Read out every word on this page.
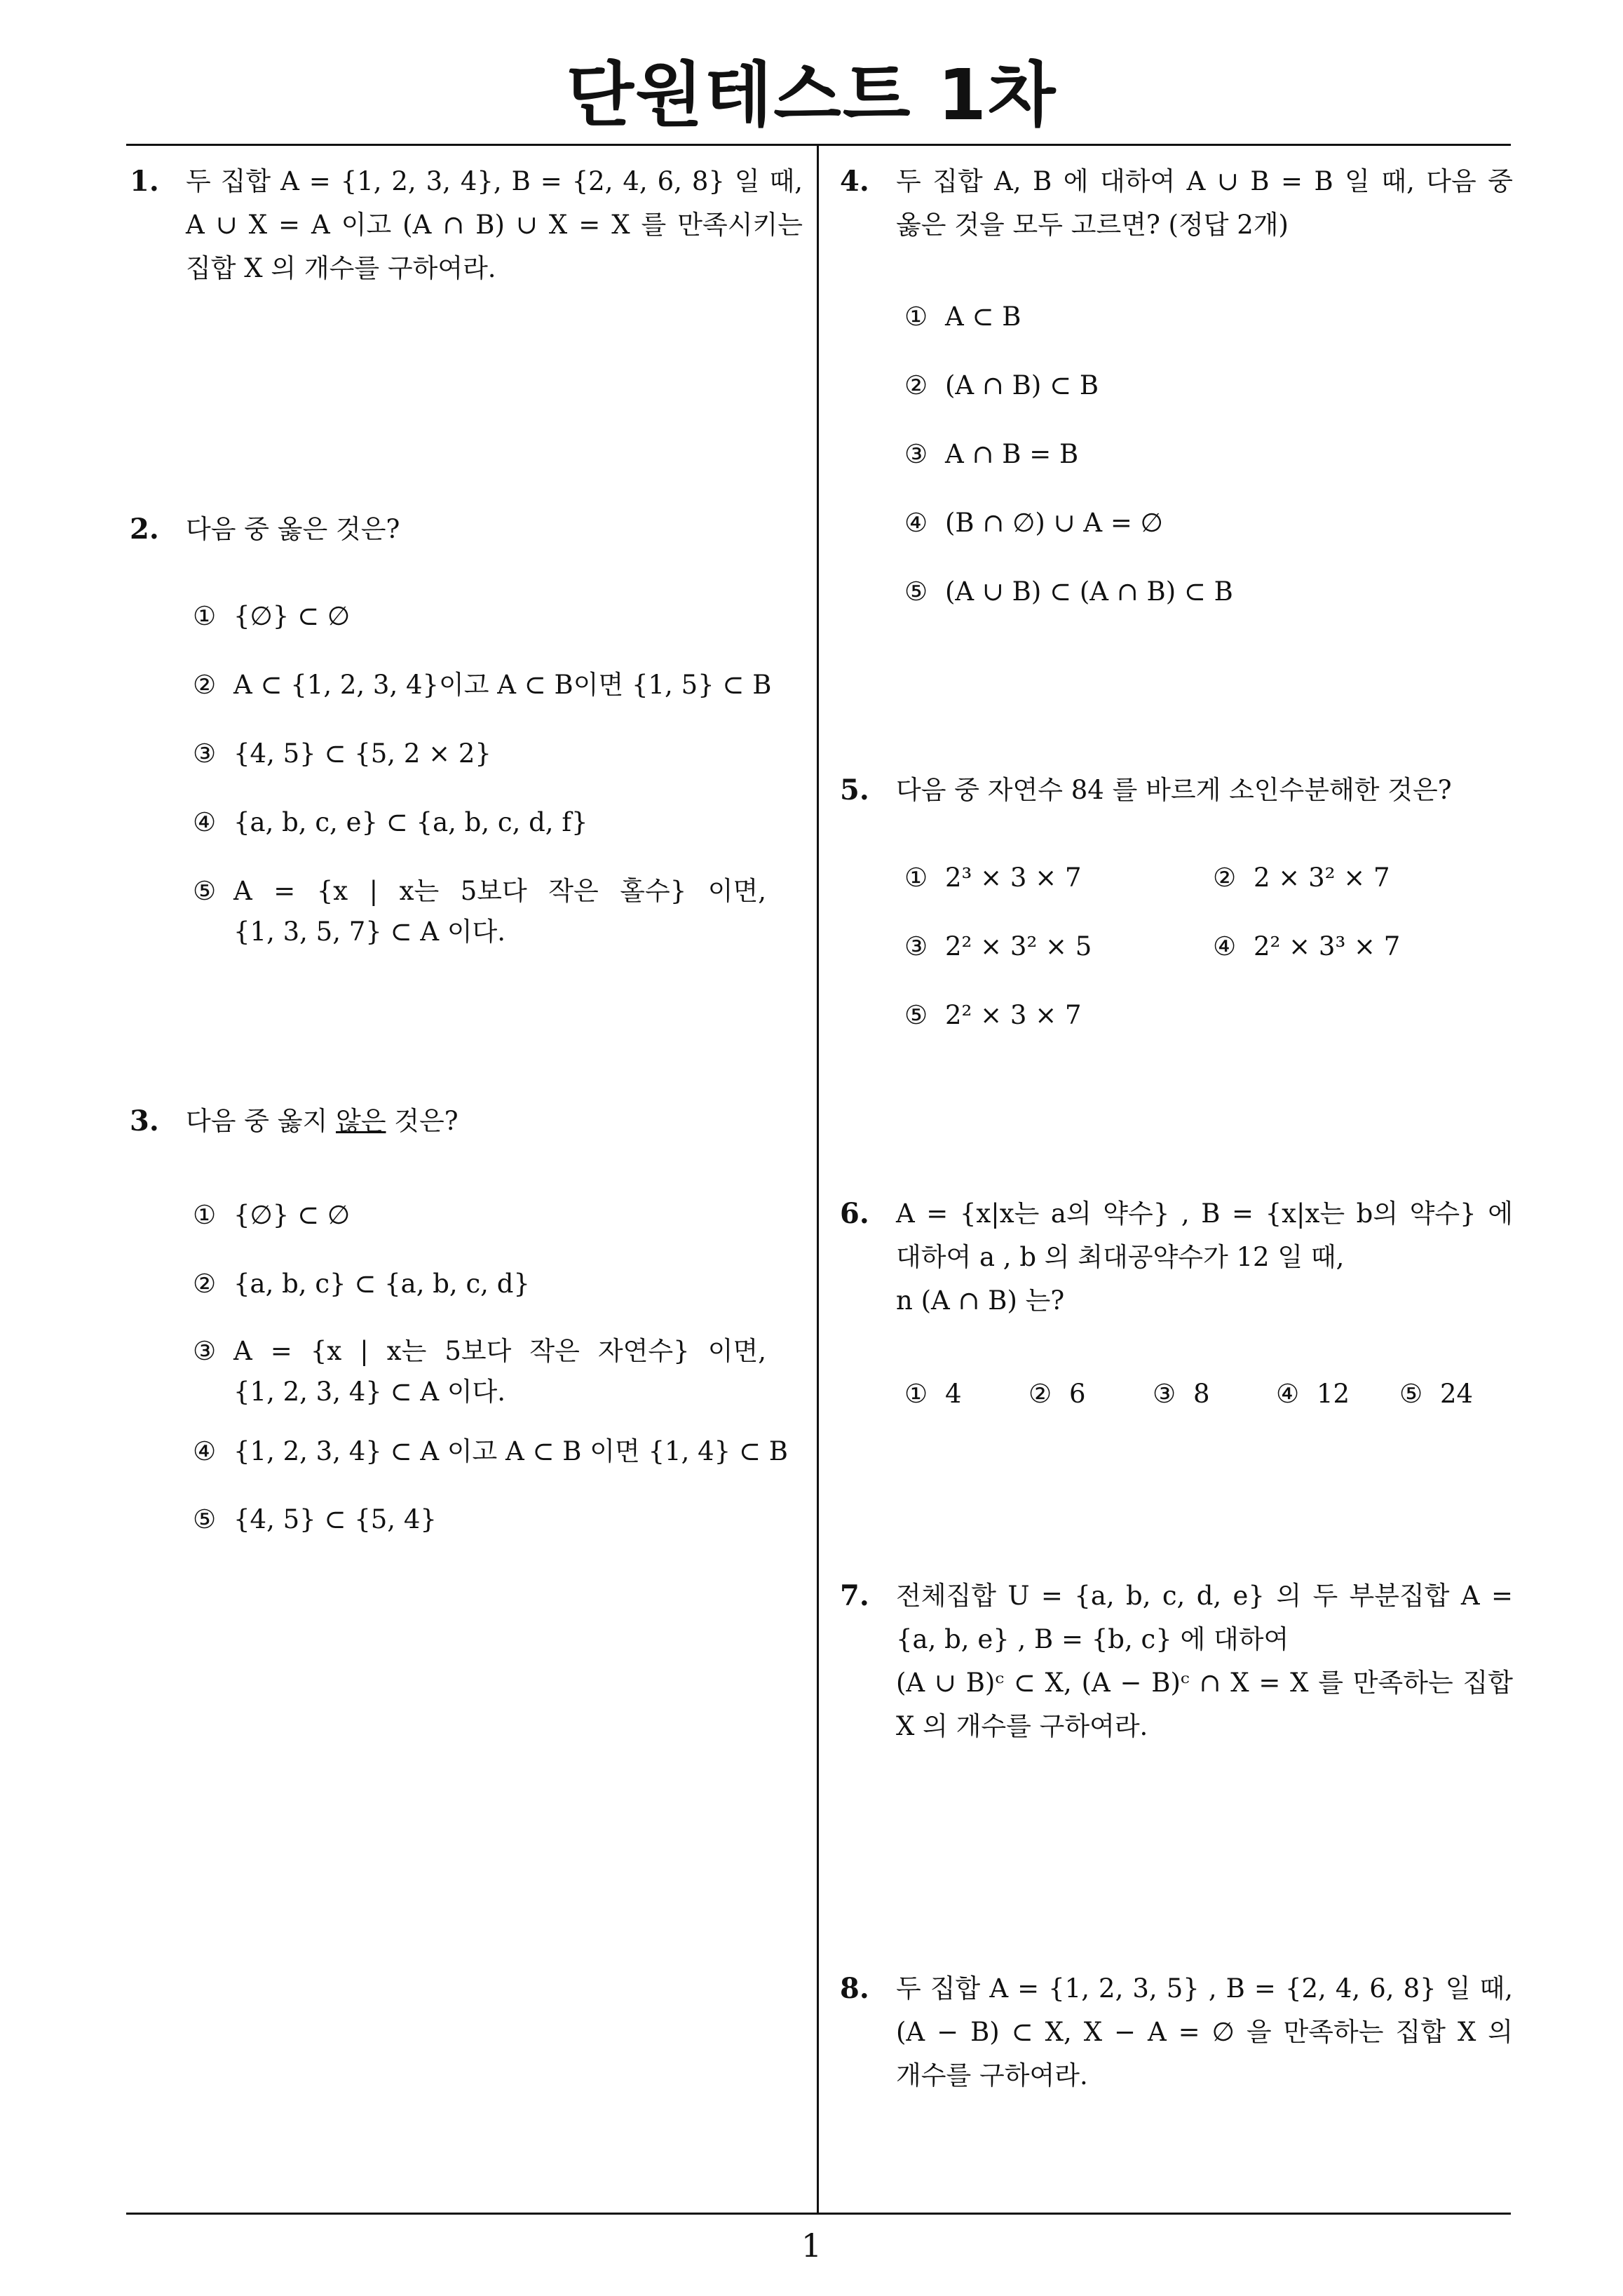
단원테스트 1차
1
1. 두 집합 A = {1, 2, 3, 4}, B = {2, 4, 6, 8} 일 때,
A ∪ X = A 이고 (A ∩ B) ∪ X = X 를 만족시키는
집합 X 의 개수를 구하여라.
2. 다음 중 옳은 것은?
① {∅} ⊂ ∅
② A ⊂ {1, 2, 3, 4}이고 A ⊂ B이면 {1, 5} ⊂ B
③ {4, 5} ⊂ {5, 2 × 2}
④ {a, b, c, e} ⊂ {a, b, c, d, f}
⑤ A = {x | x는 5보다 작은 홀수} 이면,
{1, 3, 5, 7} ⊂ A 이다.
3. 다음 중 옳지 않은 것은?
① {∅} ⊂ ∅
② {a, b, c} ⊂ {a, b, c, d}
③ A = {x | x는 5보다 작은 자연수} 이면,
{1, 2, 3, 4} ⊂ A 이다.
④ {1, 2, 3, 4} ⊂ A 이고 A ⊂ B 이면 {1, 4} ⊂ B
⑤ {4, 5} ⊂ {5, 4}
4. 두 집합 A, B 에 대하여 A ∪ B = B 일 때, 다음 중
옳은 것을 모두 고르면? (정답 2개)
① A ⊂ B
② (A ∩ B) ⊂ B
③ A ∩ B = B
④ (B ∩ ∅) ∪ A = ∅
⑤ (A ∪ B) ⊂ (A ∩ B) ⊂ B
5. 다음 중 자연수 84 를 바르게 소인수분해한 것은?
① 2³ × 3 × 7	② 2 × 3² × 7
③ 2² × 3² × 5	④ 2² × 3³ × 7
⑤ 2² × 3 × 7
6. A = {x|x는 a의 약수} , B = {x|x는 b의 약수} 에
대하여 a , b 의 최대공약수가 12 일 때,
n (A ∩ B) 는?
① 4	② 6	③ 8	④ 12 ⑤ 24
7. 전체집합 U = {a, b, c, d, e} 의 두 부분집합 A =
{a, b, e} , B = {b, c} 에 대하여
(A ∪ B)ᶜ ⊂ X, (A − B)ᶜ ∩ X = X 를 만족하는 집합
X 의 개수를 구하여라.
8. 두 집합 A = {1, 2, 3, 5} , B = {2, 4, 6, 8} 일 때,
(A − B) ⊂ X, X − A = ∅ 을 만족하는 집합 X 의
개수를 구하여라.
